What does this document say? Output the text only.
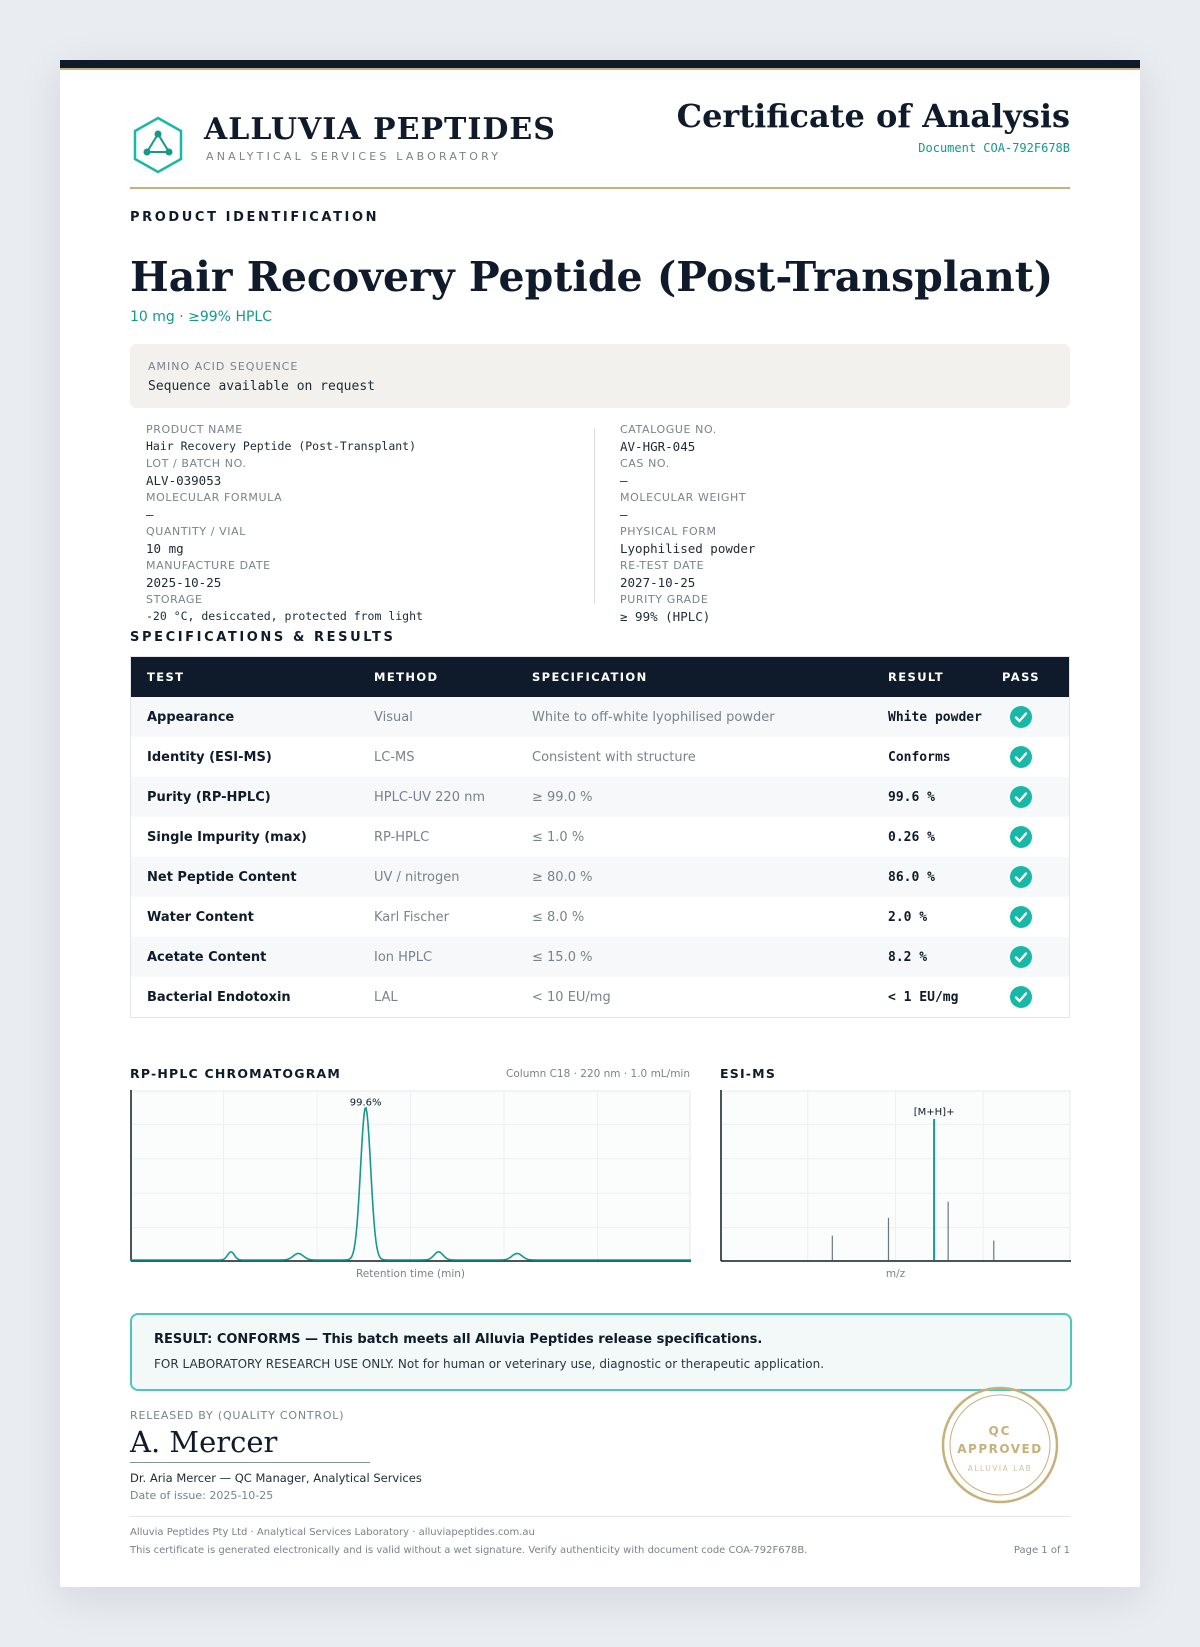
ALLUVIA PEPTIDES
ANALYTICAL SERVICES LABORATORY
Certificate of Analysis
Document COA-792F678B
PRODUCT IDENTIFICATION
Hair Recovery Peptide (Post-Transplant)
10 mg · ≥99% HPLC
AMINO ACID SEQUENCE
Sequence available on request
PRODUCT NAME
Hair Recovery Peptide (Post-Transplant)
LOT / BATCH NO.
ALV-039053
MOLECULAR FORMULA
—
QUANTITY / VIAL
10 mg
MANUFACTURE DATE
2025-10-25
STORAGE
-20 °C, desiccated, protected from light
CATALOGUE NO.
AV-HGR-045
CAS NO.
—
MOLECULAR WEIGHT
—
PHYSICAL FORM
Lyophilised powder
RE-TEST DATE
2027-10-25
PURITY GRADE
≥ 99% (HPLC)
SPECIFICATIONS & RESULTS
TEST	METHOD	SPECIFICATION	RESULT	PASS
Appearance	Visual	White to off-white lyophilised powder	White powder	

Identity (ESI-MS)	LC-MS	Consistent with structure	Conforms	

Purity (RP-HPLC)	HPLC-UV 220 nm	≥ 99.0 %	99.6 %	

Single Impurity (max)	RP-HPLC	≤ 1.0 %	0.26 %	

Net Peptide Content	UV / nitrogen	≥ 80.0 %	86.0 %	

Water Content	Karl Fischer	≤ 8.0 %	2.0 %	

Acetate Content	Ion HPLC	≤ 15.0 %	8.2 %	

Bacterial Endotoxin	LAL	< 10 EU/mg	< 1 EU/mg	
RP-HPLC CHROMATOGRAM	Column C18 · 220 nm · 1.0 mL/min
99.6%
Retention time (min)
ESI-MS
[M+H]+
m/z
RESULT: CONFORMS — This batch meets all Alluvia Peptides release specifications.
FOR LABORATORY RESEARCH USE ONLY. Not for human or veterinary use, diagnostic or therapeutic application.
RELEASED BY (QUALITY CONTROL)
A. Mercer
Dr. Aria Mercer — QC Manager, Analytical Services
Date of issue: 2025-10-25
QC
APPROVED
ALLUVIA LAB
Alluvia Peptides Pty Ltd · Analytical Services Laboratory · alluviapeptides.com.au
This certificate is generated electronically and is valid without a wet signature. Verify authenticity with document code COA-792F678B.	Page 1 of 1
